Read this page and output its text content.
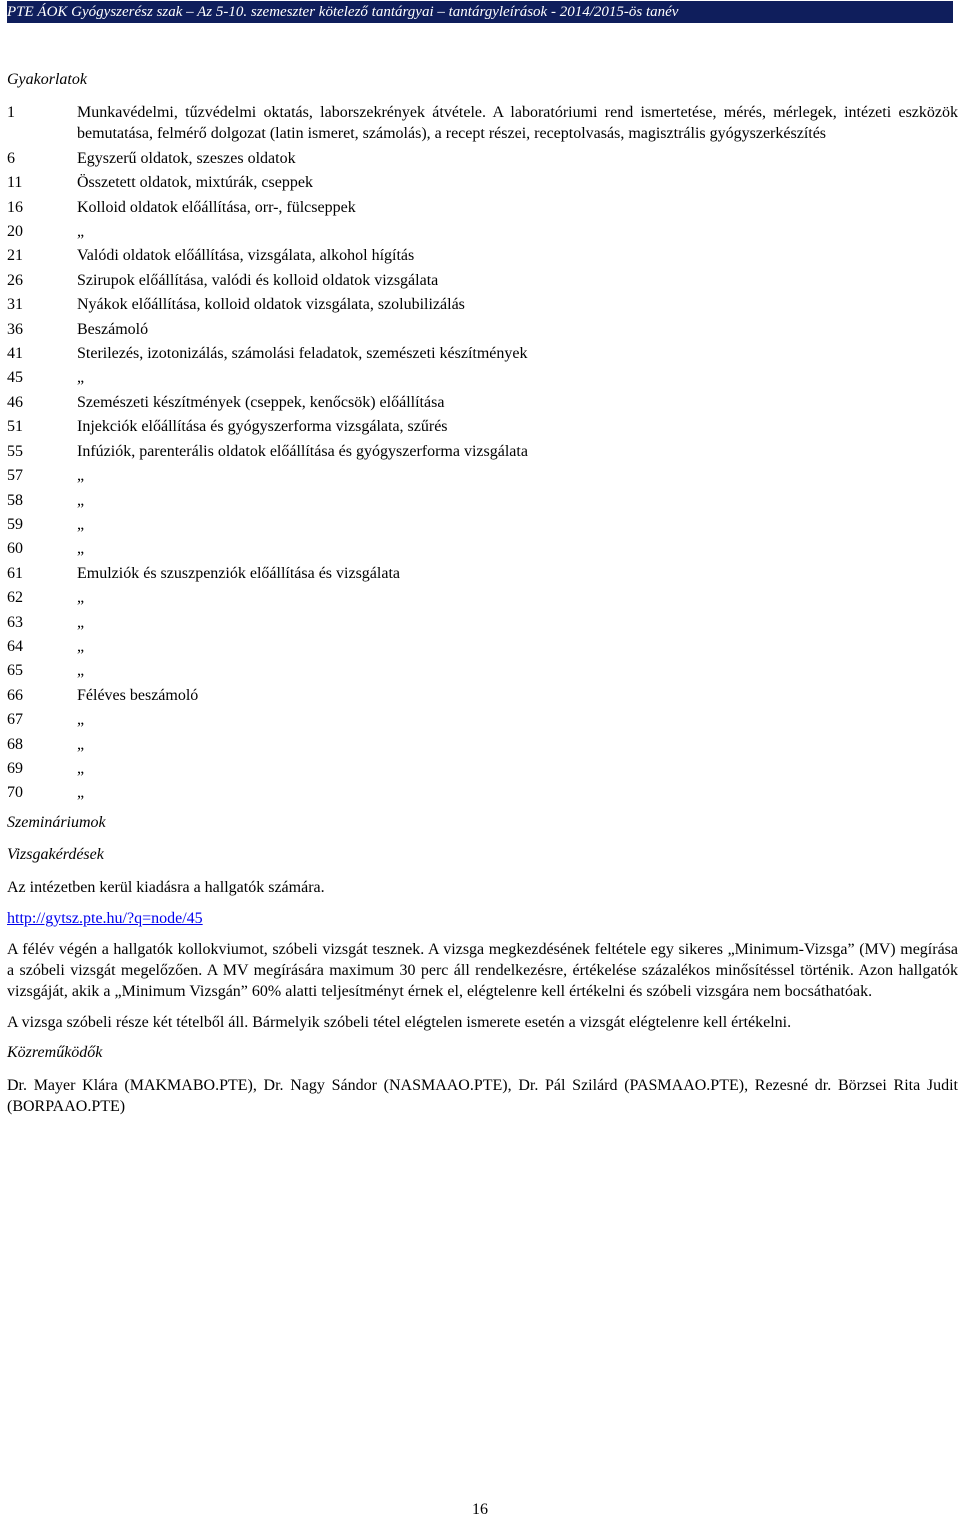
PTE ÁOK Gyógyszerész szak – Az 5-10. szemeszter kötelező tantárgyai – tantárgyleírások - 2014/2015-ös tanév
Gyakorlatok
1	Munkavédelmi, tűzvédelmi oktatás, laborszekrények átvétele. A laboratóriumi rend ismertetése, mérés, mérlegek, intézeti eszközök bemutatása, felmérő dolgozat (latin ismeret, számolás), a recept részei, receptolvasás, magisztrális gyógyszerkészítés
6	Egyszerű oldatok, szeszes oldatok
11	Összetett oldatok, mixtúrák, cseppek
16	Kolloid oldatok előállítása, orr-, fülcseppek
20	„
21	Valódi oldatok előállítása, vizsgálata, alkohol hígítás
26	Szirupok előállítása, valódi és kolloid oldatok vizsgálata
31	Nyákok előállítása, kolloid oldatok vizsgálata, szolubilizálás
36	Beszámoló
41	Sterilezés, izotonizálás, számolási feladatok, szemészeti készítmények
45	„
46	Szemészeti készítmények (cseppek, kenőcsök) előállítása
51	Injekciók előállítása és gyógyszerforma vizsgálata, szűrés
55	Infúziók, parenterális oldatok előállítása és gyógyszerforma vizsgálata
57	„
58	„
59	„
60	„
61	Emulziók és szuszpenziók előállítása és vizsgálata
62	„
63	„
64	„
65	„
66	Féléves beszámoló
67	„
68	„
69	„
70	„
Szemináriumok
Vizsgakérdések

Az intézetben kerül kiadásra a hallgatók számára.

http://gytsz.pte.hu/?q=node/45

A félév végén a hallgatók kollokviumot, szóbeli vizsgát tesznek. A vizsga megkezdésének feltétele egy sikeres „Minimum-Vizsga” (MV) megírása a szóbeli vizsgát megelőzően. A MV megírására maximum 30 perc áll rendelkezésre, értékelése százalékos minősítéssel történik. Azon hallgatók vizsgáját, akik a „Minimum Vizsgán” 60% alatti teljesítményt érnek el, elégtelenre kell értékelni és szóbeli vizsgára nem bocsáthatóak.

A vizsga szóbeli része két tételből áll. Bármelyik szóbeli tétel elégtelen ismerete esetén a vizsgát elégtelenre kell értékelni.

Közreműködők

Dr. Mayer Klára (MAKMABO.PTE), Dr. Nagy Sándor (NASMAAO.PTE), Dr. Pál Szilárd (PASMAAO.PTE), Rezesné dr. Börzsei Rita Judit (BORPAAO.PTE)

16
